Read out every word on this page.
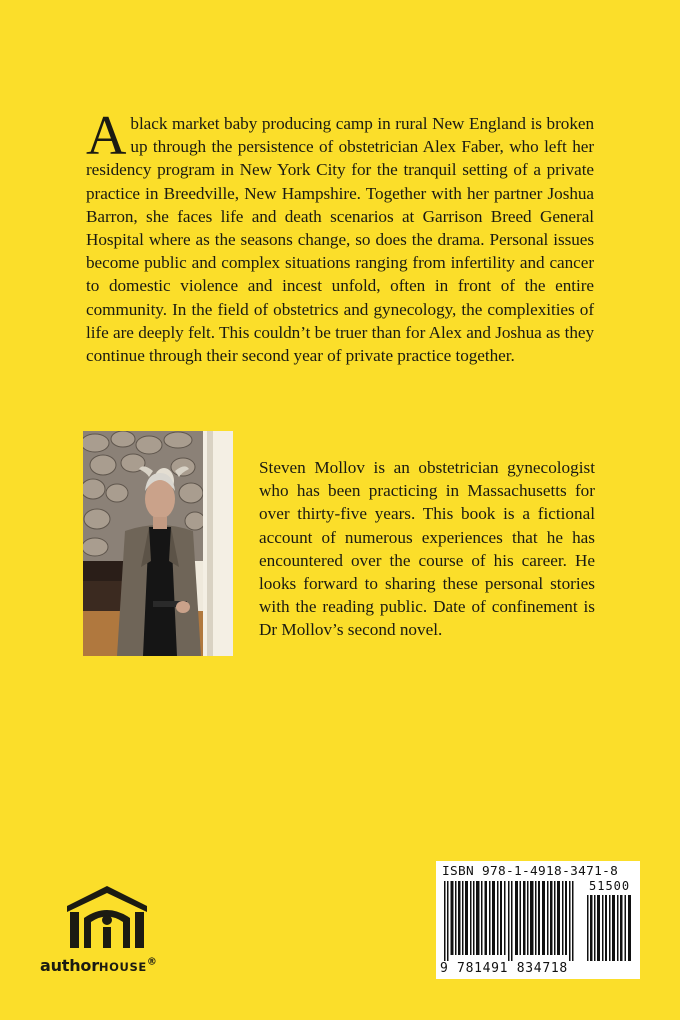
A black market baby producing camp in rural New England is broken up through the persistence of obstetrician Alex Faber, who left her residency program in New York City for the tranquil setting of a private practice in Breedville, New Hampshire. Together with her partner Joshua Barron, she faces life and death scenarios at Garrison Breed General Hospital where as the seasons change, so does the drama. Personal issues become public and complex situations ranging from infertility and cancer to domestic violence and incest unfold, often in front of the entire community. In the field of obstetrics and gynecology, the complexities of life are deeply felt. This couldn’t be truer than for Alex and Joshua as they continue through their second year of private practice together.
Steven Mollov is an obstetrician gynecologist who has been practicing in Massachusetts for over thirty-five years. This book is a fictional account of numerous experiences that he has encountered over the course of his career. He looks forward to sharing these personal stories with the reading public. Date of confinement is Dr Mollov’s second novel.
authorHOUSE®
ISBN 978-1-4918-3471-8
51500
9 781491 834718
